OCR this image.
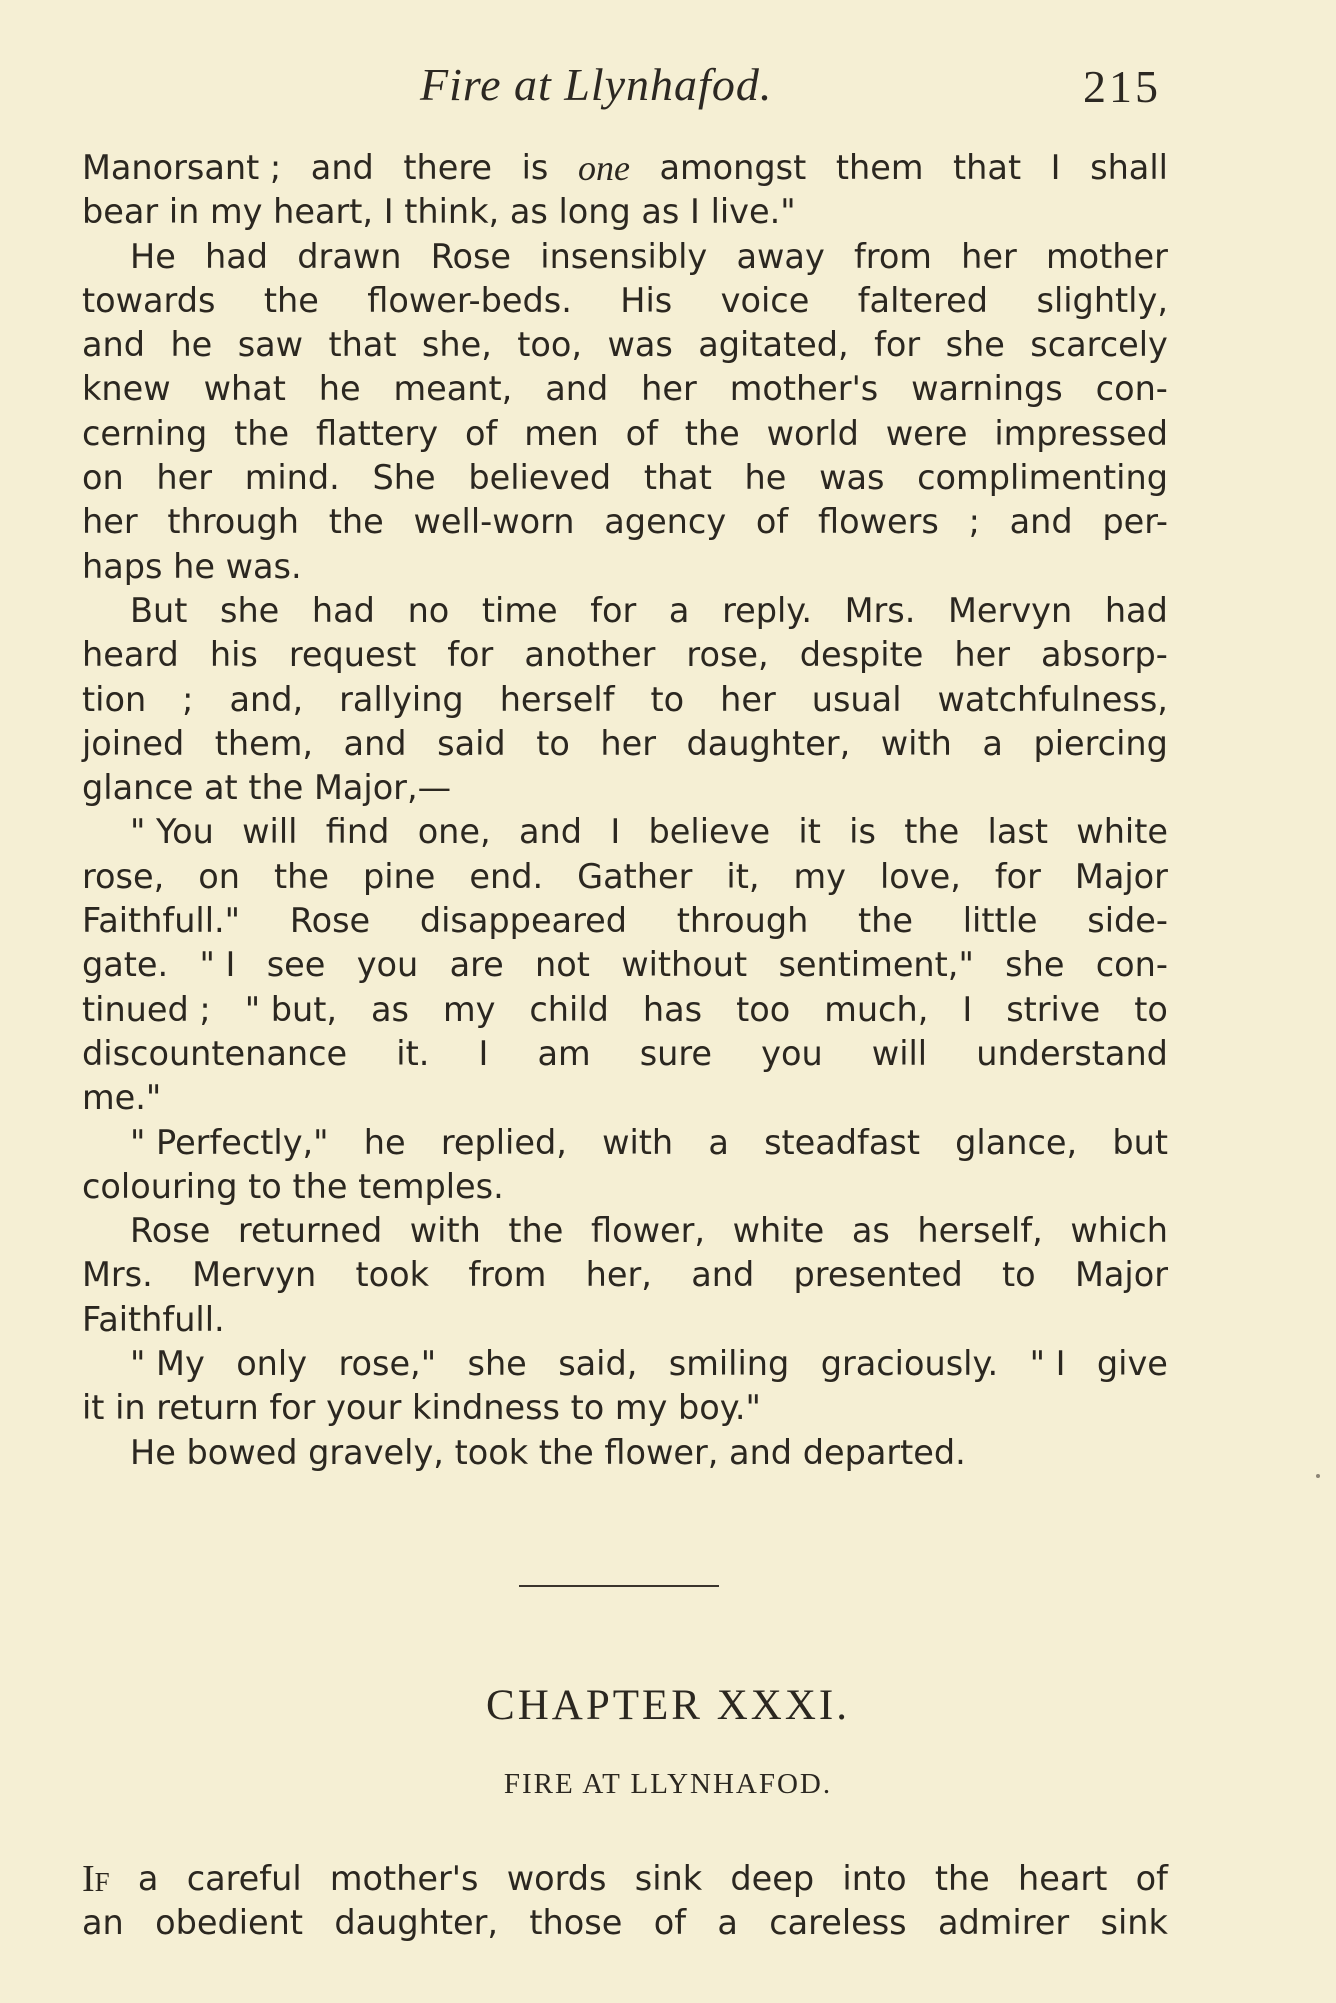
Fire at Llynhafod.	215
Manorsant ; and there is one amongst them that I shall
bear in my heart, I think, as long as I live."
He had drawn Rose insensibly away from her mother
towards the flower-beds. His voice faltered slightly,
and he saw that she, too, was agitated, for she scarcely
knew what he meant, and her mother's warnings con-
cerning the flattery of men of the world were impressed
on her mind. She believed that he was complimenting
her through the well-worn agency of flowers ; and per-
haps he was.
But she had no time for a reply. Mrs. Mervyn had
heard his request for another rose, despite her absorp-
tion ; and, rallying herself to her usual watchfulness,
joined them, and said to her daughter, with a piercing
glance at the Major,—
" You will find one, and I believe it is the last white
rose, on the pine end. Gather it, my love, for Major
Faithfull." Rose disappeared through the little side-
gate. " I see you are not without sentiment," she con-
tinued ; " but, as my child has too much, I strive to
discountenance it. I am sure you will understand
me."
" Perfectly," he replied, with a steadfast glance, but
colouring to the temples.
Rose returned with the flower, white as herself, which
Mrs. Mervyn took from her, and presented to Major
Faithfull.
" My only rose," she said, smiling graciously. " I give
it in return for your kindness to my boy."
He bowed gravely, took the flower, and departed.
CHAPTER XXXI.
FIRE AT LLYNHAFOD.
If a careful mother's words sink deep into the heart of
an obedient daughter, those of a careless admirer sink
